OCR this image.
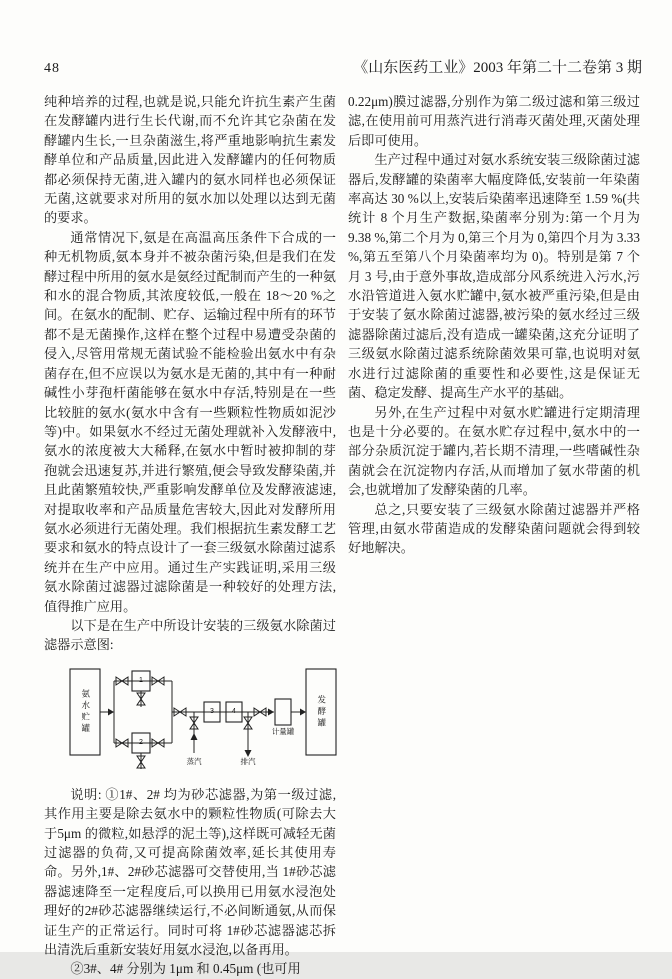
48	《山东医药工业》2003 年第二十二卷第 3 期

纯种培养的过程,也就是说,只能允许抗生素产生菌在发酵罐内进行生长代谢,而不允许其它杂菌在发酵罐内生长,一旦杂菌滋生,将严重地影响抗生素发酵单位和产品质量,因此进入发酵罐内的任何物质都必须保持无菌,进入罐内的氨水同样也必须保证无菌,这就要求对所用的氨水加以处理以达到无菌的要求。

通常情况下,氨是在高温高压条件下合成的一种无机物质,氨本身并不被杂菌污染,但是我们在发酵过程中所用的氨水是氨经过配制而产生的一种氨和水的混合物质,其浓度较低,一般在 18～20 %之间。在氨水的配制、贮存、运输过程中所有的环节都不是无菌操作,这样在整个过程中易遭受杂菌的侵入,尽管用常规无菌试验不能检验出氨水中有杂菌存在,但不应误以为氨水是无菌的,其中有一种耐碱性小芽孢杆菌能够在氨水中存活,特别是在一些比较脏的氨水(氨水中含有一些颗粒性物质如泥沙等)中。如果氨水不经过无菌处理就补入发酵液中,氨水的浓度被大大稀释,在氨水中暂时被抑制的芽孢就会迅速复苏,并进行繁殖,便会导致发酵染菌,并且此菌繁殖较快,严重影响发酵单位及发酵液滤速,对提取收率和产品质量危害较大,因此对发酵所用氨水必须进行无菌处理。我们根据抗生素发酵工艺要求和氨水的特点设计了一套三级氨水除菌过滤系统并在生产中应用。通过生产实践证明,采用三级氨水除菌过滤器过滤除菌是一种较好的处理方法,值得推广应用。

以下是在生产中所设计安装的三级氨水除菌过滤器示意图:

氨水贮罐
1
2
3	4
蒸汽	排汽
计量罐
发酵罐

说明: ①1#、2# 均为砂芯滤器,为第一级过滤,其作用主要是除去氨水中的颗粒性物质(可除去大于5μm 的微粒,如悬浮的泥土等),这样既可减轻无菌过滤器的负荷,又可提高除菌效率,延长其使用寿命。另外,1#、2#砂芯滤器可交替使用,当 1#砂芯滤器滤速降至一定程度后,可以换用已用氨水浸泡处理好的2#砂芯滤器继续运行,不必间断通氨,从而保证生产的正常运行。同时可将 1#砂芯滤器滤芯拆出清洗后重新安装好用氨水浸泡,以备再用。

②3#、4# 分别为 1μm 和 0.45μm (也可用

0.22μm)膜过滤器,分别作为第二级过滤和第三级过滤,在使用前可用蒸汽进行消毒灭菌处理,灭菌处理后即可使用。

生产过程中通过对氨水系统安装三级除菌过滤器后,发酵罐的染菌率大幅度降低,安装前一年染菌率高达 30 %以上,安装后染菌率迅速降至 1.59 %(共统计 8 个月生产数据,染菌率分别为:第一个月为 9.38 %,第二个月为 0,第三个月为 0,第四个月为 3.33 %,第五至第八个月染菌率均为 0)。特别是第 7 个月 3 号,由于意外事故,造成部分风系统进入污水,污水沿管道进入氨水贮罐中,氨水被严重污染,但是由于安装了氨水除菌过滤器,被污染的氨水经过三级滤器除菌过滤后,没有造成一罐染菌,这充分证明了三级氨水除菌过滤系统除菌效果可靠,也说明对氨水进行过滤除菌的重要性和必要性,这是保证无菌、稳定发酵、提高生产水平的基础。

另外,在生产过程中对氨水贮罐进行定期清理也是十分必要的。在氨水贮存过程中,氨水中的一部分杂质沉淀于罐内,若长期不清理,一些嗜碱性杂菌就会在沉淀物内存活,从而增加了氨水带菌的机会,也就增加了发酵染菌的几率。

总之,只要安装了三级氨水除菌过滤器并严格管理,由氨水带菌造成的发酵染菌问题就会得到较好地解决。
